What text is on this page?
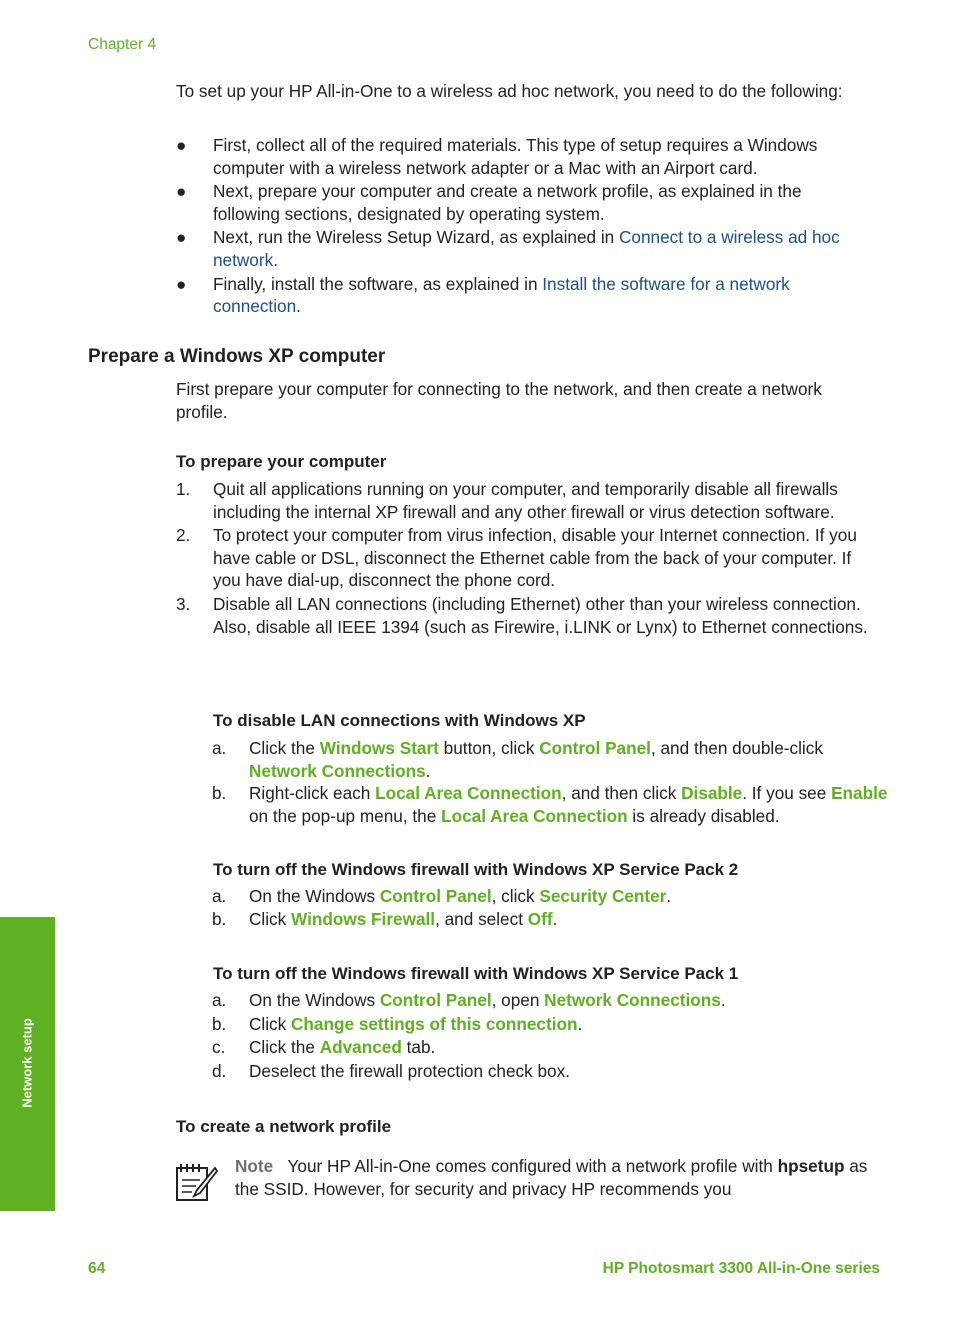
Chapter 4
To set up your HP All-in-One to a wireless ad hoc network, you need to do the following:
● First, collect all of the required materials. This type of setup requires a Windows computer with a wireless network adapter or a Mac with an Airport card.
● Next, prepare your computer and create a network profile, as explained in the following sections, designated by operating system.
● Next, run the Wireless Setup Wizard, as explained in Connect to a wireless ad hoc network.
● Finally, install the software, as explained in Install the software for a network connection.
Prepare a Windows XP computer
First prepare your computer for connecting to the network, and then create a network profile.
To prepare your computer
1. Quit all applications running on your computer, and temporarily disable all firewalls including the internal XP firewall and any other firewall or virus detection software.
2. To protect your computer from virus infection, disable your Internet connection. If you have cable or DSL, disconnect the Ethernet cable from the back of your computer. If you have dial-up, disconnect the phone cord.
3. Disable all LAN connections (including Ethernet) other than your wireless connection. Also, disable all IEEE 1394 (such as Firewire, i.LINK or Lynx) to Ethernet connections.
To disable LAN connections with Windows XP
a. Click the Windows Start button, click Control Panel, and then double-click Network Connections.
b. Right-click each Local Area Connection, and then click Disable. If you see Enable on the pop-up menu, the Local Area Connection is already disabled.
To turn off the Windows firewall with Windows XP Service Pack 2
a. On the Windows Control Panel, click Security Center.
b. Click Windows Firewall, and select Off.
To turn off the Windows firewall with Windows XP Service Pack 1
a. On the Windows Control Panel, open Network Connections.
b. Click Change settings of this connection.
c. Click the Advanced tab.
d. Deselect the firewall protection check box.
To create a network profile
Note Your HP All-in-One comes configured with a network profile with hpsetup as the SSID. However, for security and privacy HP recommends you
Network setup
64	HP Photosmart 3300 All-in-One series
